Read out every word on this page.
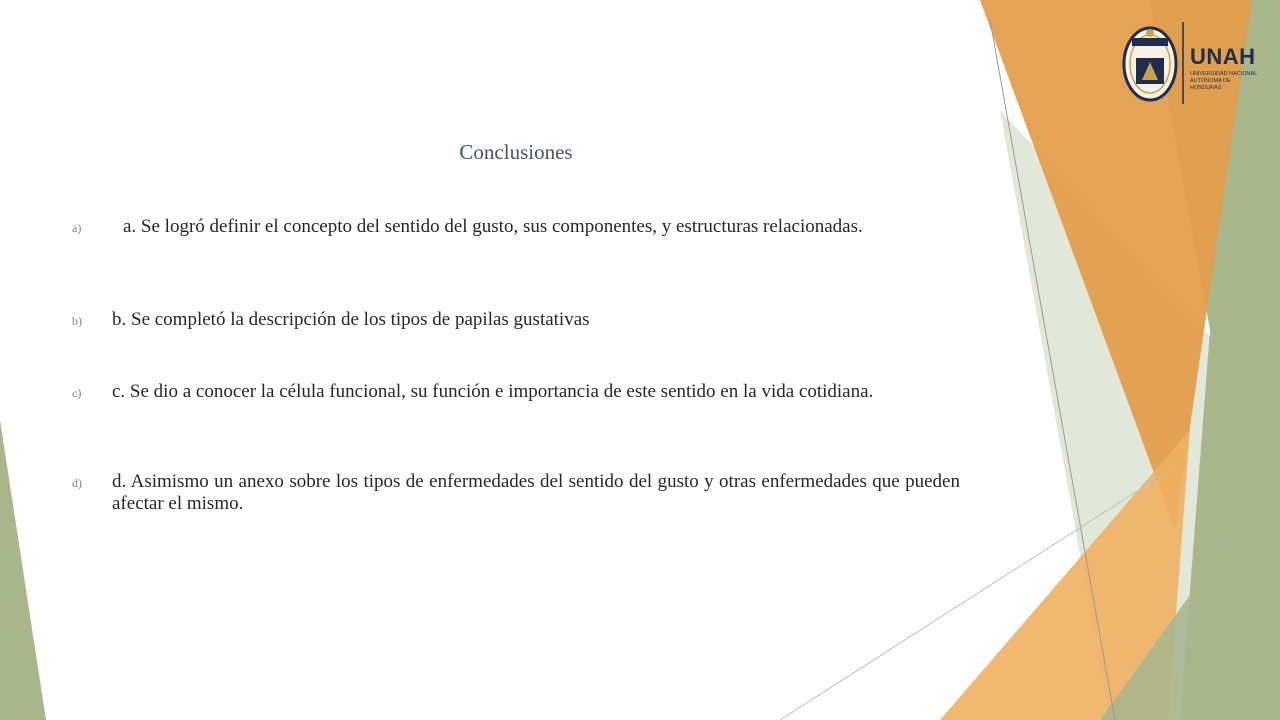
Conclusiones
a)	a. Se logró definir el concepto del sentido del gusto, sus componentes, y estructuras relacionadas.
b)	b. Se completó la descripción de los tipos de papilas gustativas
c)	c. Se dio a conocer la célula funcional, su función e importancia de este sentido en la vida cotidiana.
d)	d. Asimismo un anexo sobre los tipos de enfermedades del sentido del gusto y otras enfermedades que pueden afectar el mismo.
UNAH
UNIVERSIDAD NACIONAL
AUTÓNOMA DE HONDURAS
